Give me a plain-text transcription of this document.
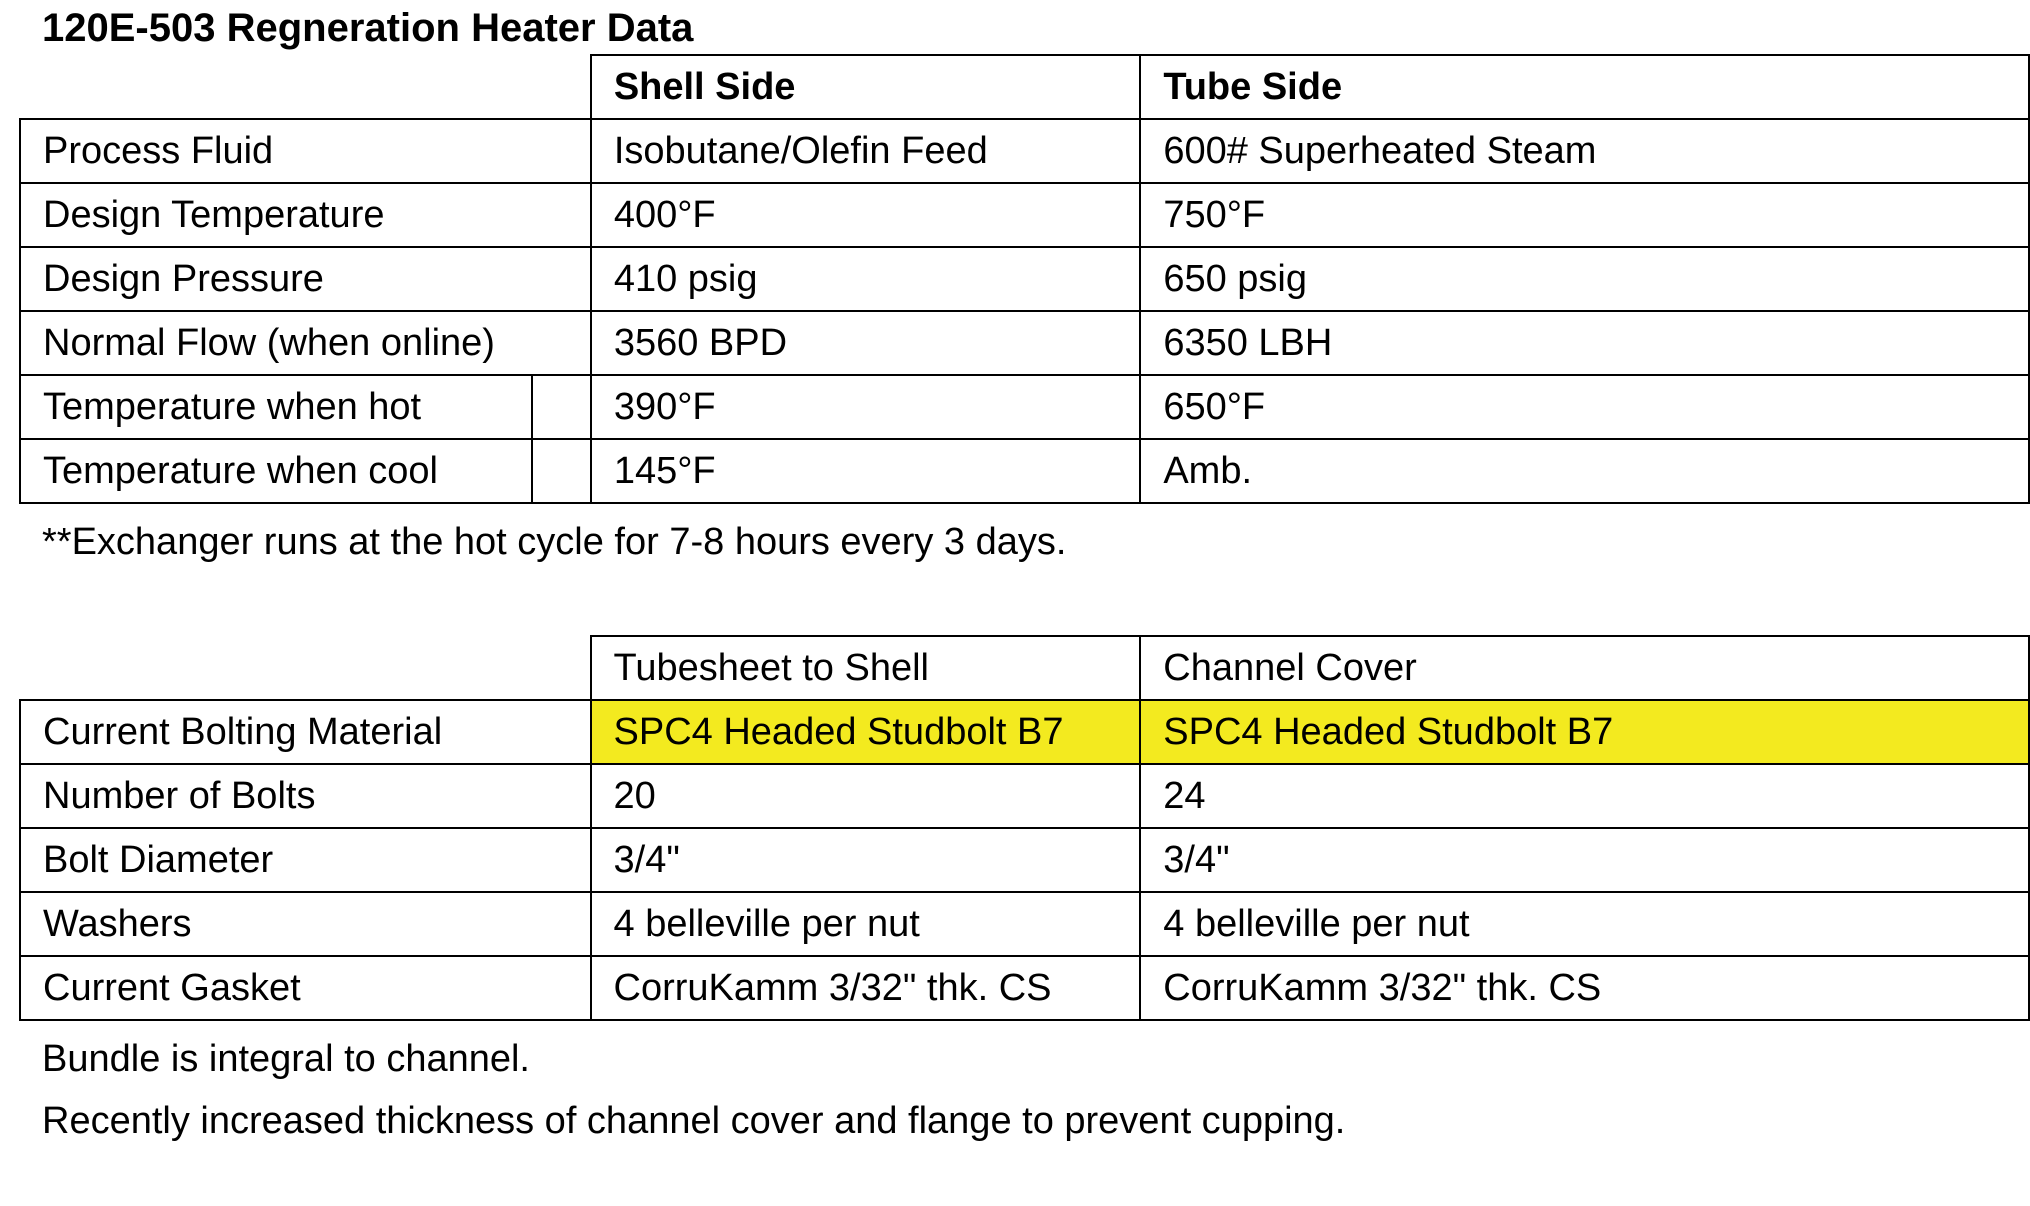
120E-503 Regneration Heater Data
	Shell Side	Tube Side
Process Fluid	Isobutane/Olefin Feed	600# Superheated Steam
Design Temperature	400°F	750°F
Design Pressure	410 psig	650 psig
Normal Flow (when online)	3560 BPD	6350 LBH

Temperature when hot	390°F	650°F

Temperature when cool	145°F	Amb.
**Exchanger runs at the hot cycle for 7-8 hours every 3 days.
	Tubesheet to Shell	Channel Cover
Current Bolting Material	SPC4 Headed Studbolt B7	SPC4 Headed Studbolt B7
Number of Bolts	20	24
Bolt Diameter	3/4"	3/4"
Washers	4 belleville per nut	4 belleville per nut
Current Gasket	CorruKamm 3/32" thk. CS	CorruKamm 3/32" thk. CS
Bundle is integral to channel.
Recently increased thickness of channel cover and flange to prevent cupping.
